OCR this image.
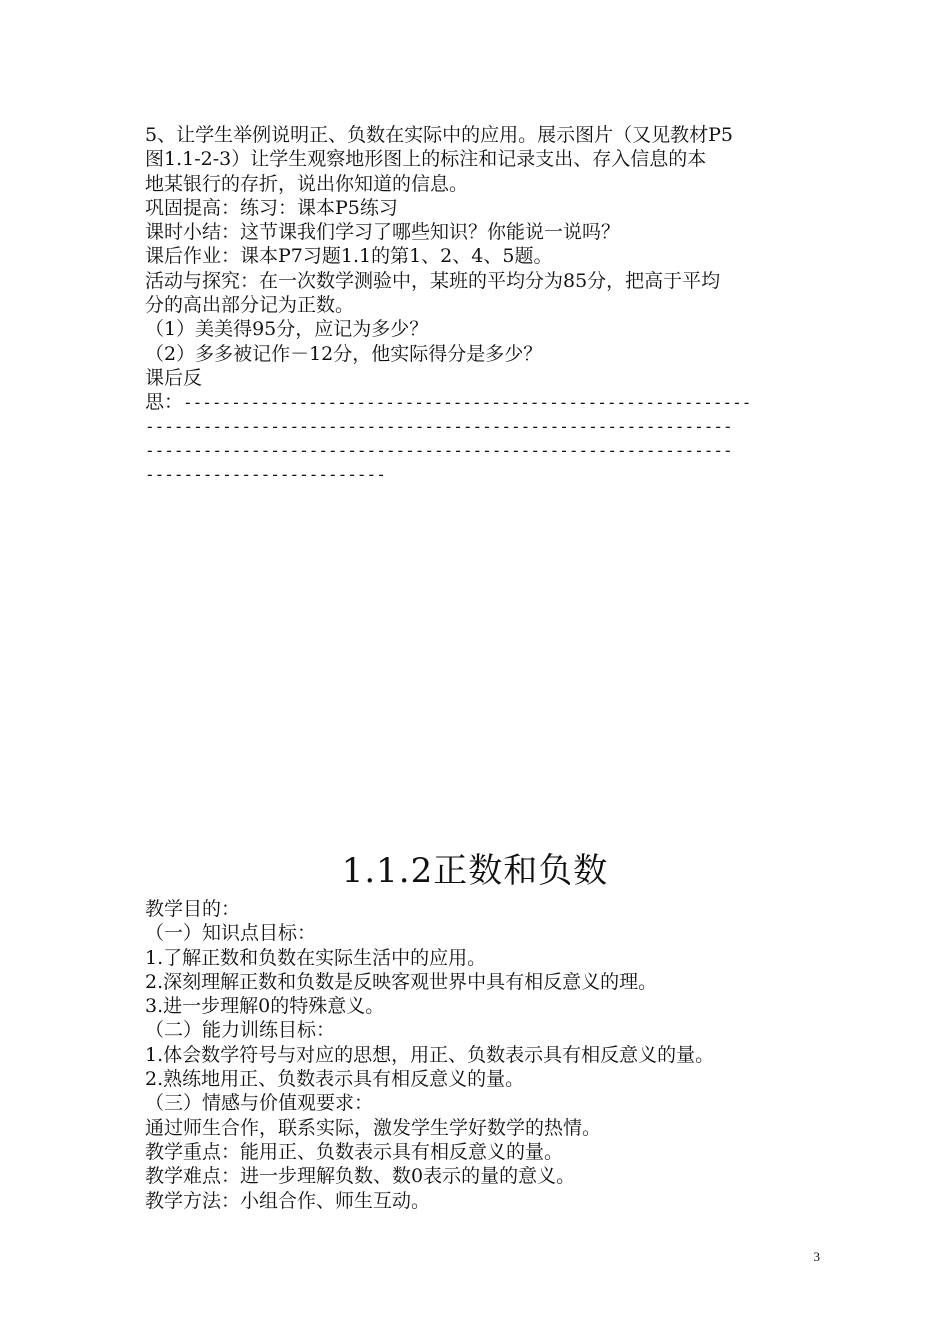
5、让学生举例说明正、负数在实际中的应用。展示图片（又见教材P5
图1.1-2-3）让学生观察地形图上的标注和记录支出、存入信息的本
地某银行的存折，说出你知道的信息。
巩固提高：练习：课本P5练习
课时小结：这节课我们学习了哪些知识？你能说一说吗？
课后作业：课本P7习题1.1的第1、2、4、5题。
活动与探究：在一次数学测验中，某班的平均分为85分，把高于平均
分的高出部分记为正数。
（1）美美得95分，应记为多少？
（2）多多被记作－12分，他实际得分是多少？
课后反
思：-----------------------------------------------------------
-------------------------------------------------------------
-------------------------------------------------------------
-------------------------
1.1.2正数和负数
教学目的：
（一）知识点目标：
1.了解正数和负数在实际生活中的应用。
2.深刻理解正数和负数是反映客观世界中具有相反意义的理。
3.进一步理解0的特殊意义。
（二）能力训练目标：
1.体会数学符号与对应的思想，用正、负数表示具有相反意义的量。
2.熟练地用正、负数表示具有相反意义的量。
（三）情感与价值观要求：
通过师生合作，联系实际，激发学生学好数学的热情。
教学重点：能用正、负数表示具有相反意义的量。
教学难点：进一步理解负数、数0表示的量的意义。
教学方法：小组合作、师生互动。
3
